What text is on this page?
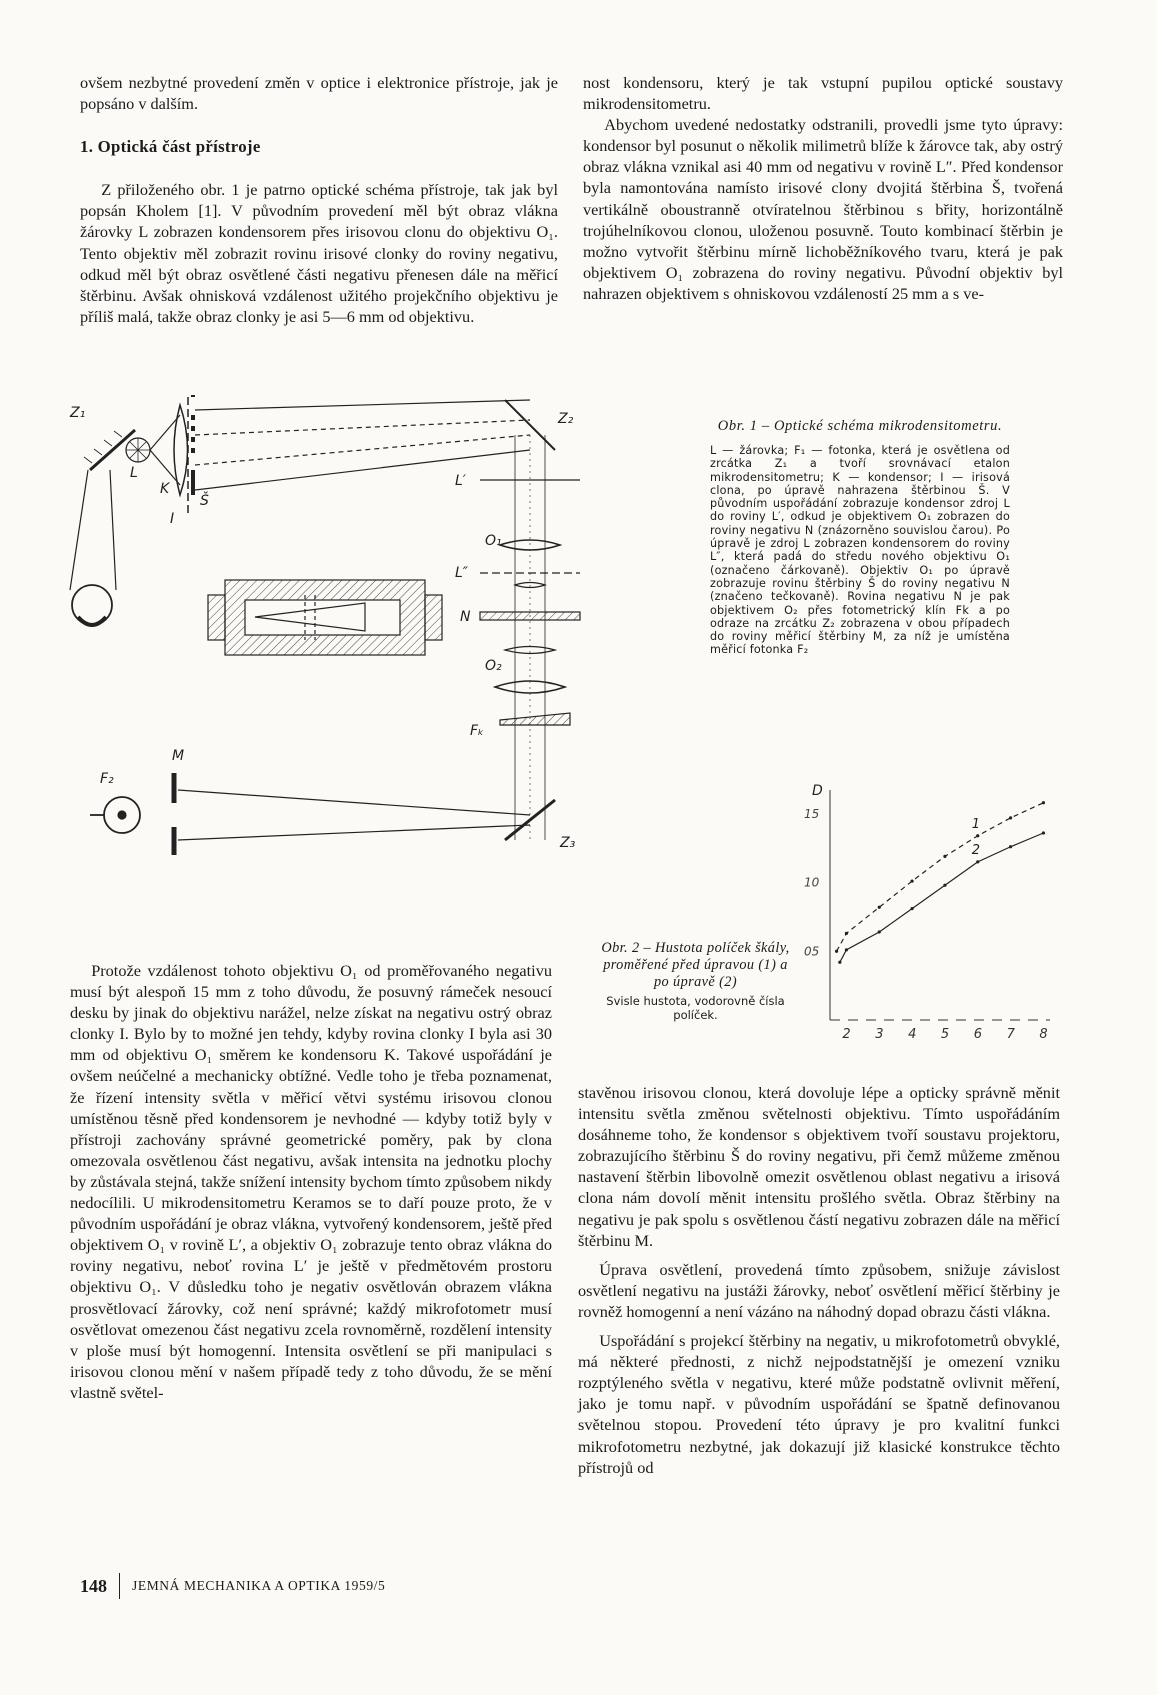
ovšem nezbytné provedení změn v optice i elektronice přístroje, jak je popsáno v dalším.

1. Optická část přístroje

Z přiloženého obr. 1 je patrno optické schéma přístroje, tak jak byl popsán Kholem [1]. V původním provedení měl být obraz vlákna žárovky L zobrazen kondensorem přes irisovou clonu do objektivu O₁. Tento objektiv měl zobrazit rovinu irisové clonky do roviny negativu, odkud měl být obraz osvětlené části negativu přenesen dále na měřicí štěrbinu. Avšak ohnisková vzdálenost užitého projekčního objektivu je příliš malá, takže obraz clonky je asi 5—6 mm od objektivu.

nost kondensoru, který je tak vstupní pupilou optické soustavy mikrodensitometru.

Abychom uvedené nedostatky odstranili, provedli jsme tyto úpravy: kondensor byl posunut o několik milimetrů blíže k žárovce tak, aby ostrý obraz vlákna vznikal asi 40 mm od negativu v rovině L″. Před kondensor byla namontována namísto irisové clony dvojitá štěrbina Š, tvořená vertikálně oboustranně otvíratelnou štěrbinou s břity, horizontálně trojúhelníkovou clonou, uloženou posuvně. Touto kombinací štěrbin je možno vytvořit štěrbinu mírně lichoběžníkového tvaru, která je pak objektivem O₁ zobrazena do roviny negativu. Původní objektiv byl nahrazen objektivem s ohniskovou vzdáleností 25 mm a s ve-

Z₁
L
K
I
Š
Z₂
L′
O₁
L″
N
O₂
Fₖ
M
F₂
Z₃
Obr. 1 – Optické schéma mikrodensitometru.
L — žárovka; F₁ — fotonka, která je osvětlena od zrcátka Z₁ a tvoří srovnávací etalon mikrodensitometru; K — kondensor; I — irisová clona, po úpravě nahrazena štěrbinou Š. V původním uspořádání zobrazuje kondensor zdroj L do roviny L′, odkud je objektivem O₁ zobrazen do roviny negativu N (znázorněno souvislou čarou). Po úpravě je zdroj L zobrazen kondensorem do roviny L″, která padá do středu nového objektivu O₁ (označeno čárkovaně). Objektiv O₁ po úpravě zobrazuje rovinu štěrbiny Š do roviny negativu N (značeno tečkovaně). Rovina negativu N je pak objektivem O₂ přes fotometrický klín Fk a po odraze na zrcátku Z₂ zobrazena v obou případech do roviny měřicí štěrbiny M, za níž je umístěna měřicí fotonka F₂
D
15
10
05
2 3 4 5 6 7 8
1
2
Obr. 2 – Hustota políček škály, proměřené před úpravou (1) a po úpravě (2)
Svisle hustota, vodorovně čísla políček.

Protože vzdálenost tohoto objektivu O₁ od proměřovaného negativu musí být alespoň 15 mm z toho důvodu, že posuvný rámeček nesoucí desku by jinak do objektivu narážel, nelze získat na negativu ostrý obraz clonky I. Bylo by to možné jen tehdy, kdyby rovina clonky I byla asi 30 mm od objektivu O₁ směrem ke kondensoru K. Takové uspořádání je ovšem neúčelné a mechanicky obtížné. Vedle toho je třeba poznamenat, že řízení intensity světla v měřicí větvi systému irisovou clonou umístěnou těsně před kondensorem je nevhodné — kdyby totiž byly v přístroji zachovány správné geometrické poměry, pak by clona omezovala osvětlenou část negativu, avšak intensita na jednotku plochy by zůstávala stejná, takže snížení intensity bychom tímto způsobem nikdy nedocílili. U mikrodensitometru Keramos se to daří pouze proto, že v původním uspořádání je obraz vlákna, vytvořený kondensorem, ještě před objektivem O₁ v rovině L′, a objektiv O₁ zobrazuje tento obraz vlákna do roviny negativu, neboť rovina L′ je ještě v předmětovém prostoru objektivu O₁. V důsledku toho je negativ osvětlován obrazem vlákna prosvětlovací žárovky, což není správné; každý mikrofotometr musí osvětlovat omezenou část negativu zcela rovnoměrně, rozdělení intensity v ploše musí být homogenní. Intensita osvětlení se při manipulaci s irisovou clonou mění v našem případě tedy z toho důvodu, že se mění vlastně světel-

stavěnou irisovou clonou, která dovoluje lépe a opticky správně měnit intensitu světla změnou světelnosti objektivu. Tímto uspořádáním dosáhneme toho, že kondensor s objektivem tvoří soustavu projektoru, zobrazujícího štěrbinu Š do roviny negativu, při čemž můžeme změnou nastavení štěrbin libovolně omezit osvětlenou oblast negativu a irisová clona nám dovolí měnit intensitu prošlého světla. Obraz štěrbiny na negativu je pak spolu s osvětlenou částí negativu zobrazen dále na měřicí štěrbinu M.

Úprava osvětlení, provedená tímto způsobem, snižuje závislost osvětlení negativu na justáži žárovky, neboť osvětlení měřicí štěrbiny je rovněž homogenní a není vázáno na náhodný dopad obrazu části vlákna.

Uspořádání s projekcí štěrbiny na negativ, u mikrofotometrů obvyklé, má některé přednosti, z nichž nejpodstatnější je omezení vzniku rozptýleného světla v negativu, které může podstatně ovlivnit měření, jako je tomu např. v původním uspořádání se špatně definovanou světelnou stopou. Provedení této úpravy je pro kvalitní funkci mikrofotometru nezbytné, jak dokazují již klasické konstrukce těchto přístrojů od

148 JEMNÁ MECHANIKA A OPTIKA 1959/5
